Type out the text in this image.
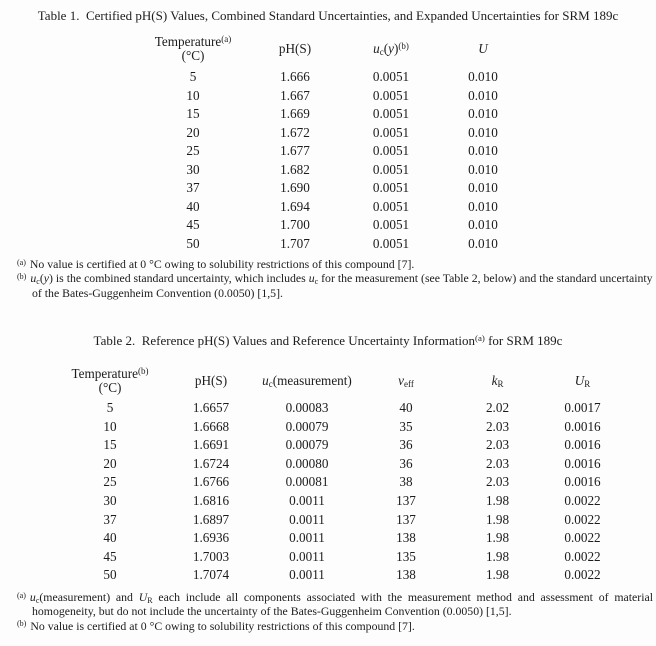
Table 1.  Certified pH(S) Values, Combined Standard Uncertainties, and Expanded Uncertainties for SRM 189c
Temperature$^{(a)}$
(°C)	pH(S)	$u_c(y)^{(b)}$	U
5	1.666	0.0051	0.010
10	1.667	0.0051	0.010
15	1.669	0.0051	0.010
20	1.672	0.0051	0.010
25	1.677	0.0051	0.010
30	1.682	0.0051	0.010
37	1.690	0.0051	0.010
40	1.694	0.0051	0.010
45	1.700	0.0051	0.010
50	1.707	0.0051	0.010
$^{(a)}$ No value is certified at 0 °C owing to solubility restrictions of this compound [7].
$^{(b)}$ $u_c(y)$ is the combined standard uncertainty, which includes $u_c$ for the measurement (see Table 2, below) and the standard uncertainty of the Bates-Guggenheim Convention (0.0050) [1,5].
Table 2.  Reference pH(S) Values and Reference Uncertainty Information$^{(a)}$ for SRM 189c
Temperature$^{(b)}$
(°C)	pH(S)	$u_c(measurement)$	$v_{eff}$	$k_R$	$U_R$
5	1.6657	0.00083	40	2.02	0.0017
10	1.6668	0.00079	35	2.03	0.0016
15	1.6691	0.00079	36	2.03	0.0016
20	1.6724	0.00080	36	2.03	0.0016
25	1.6766	0.00081	38	2.03	0.0016
30	1.6816	0.0011	137	1.98	0.0022
37	1.6897	0.0011	137	1.98	0.0022
40	1.6936	0.0011	138	1.98	0.0022
45	1.7003	0.0011	135	1.98	0.0022
50	1.7074	0.0011	138	1.98	0.0022
$^{(a)}$ $u_c(measurement)$ and $U_R$ each include all components associated with the measurement method and assessment of material homogeneity, but do not include the uncertainty of the Bates-Guggenheim Convention (0.0050) [1,5].
$^{(b)}$ No value is certified at 0 °C owing to solubility restrictions of this compound [7].
